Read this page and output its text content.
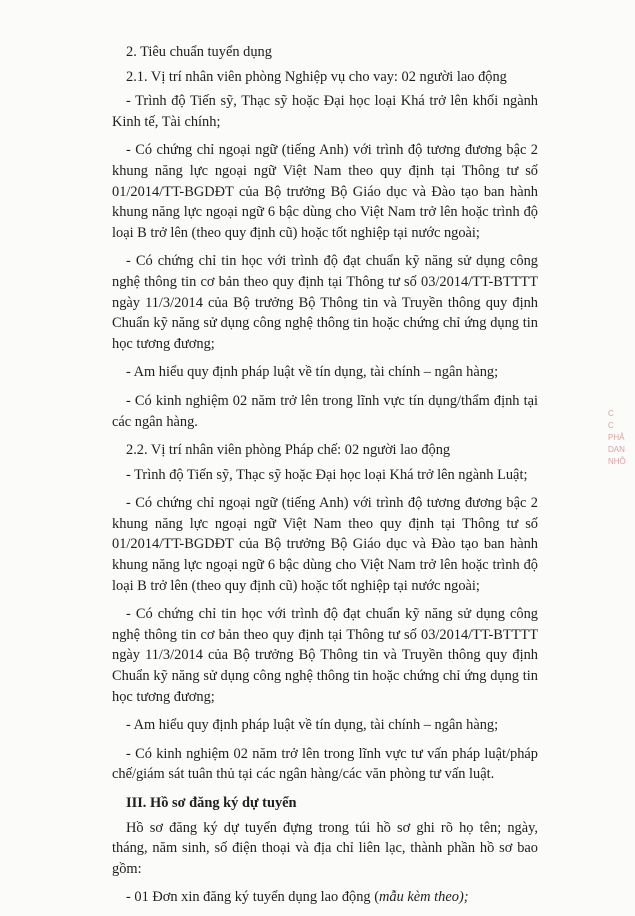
C
C
PHẢ
DAN
NHÕ

2. Tiêu chuẩn tuyển dụng

2.1. Vị trí nhân viên phòng Nghiệp vụ cho vay: 02 người lao động

- Trình độ Tiến sỹ, Thạc sỹ hoặc Đại học loại Khá trở lên khối ngành Kinh tế, Tài chính;

- Có chứng chỉ ngoại ngữ (tiếng Anh) với trình độ tương đương bậc 2 khung năng lực ngoại ngữ Việt Nam theo quy định tại Thông tư số 01/2014/TT-BGDĐT của Bộ trưởng Bộ Giáo dục và Đào tạo ban hành khung năng lực ngoại ngữ 6 bậc dùng cho Việt Nam trở lên hoặc trình độ loại B trở lên (theo quy định cũ) hoặc tốt nghiệp tại nước ngoài;

- Có chứng chỉ tin học với trình độ đạt chuẩn kỹ năng sử dụng công nghệ thông tin cơ bản theo quy định tại Thông tư số 03/2014/TT-BTTTT ngày 11/3/2014 của Bộ trưởng Bộ Thông tin và Truyền thông quy định Chuẩn kỹ năng sử dụng công nghệ thông tin hoặc chứng chỉ ứng dụng tin học tương đương;

- Am hiểu quy định pháp luật về tín dụng, tài chính – ngân hàng;

- Có kinh nghiệm 02 năm trở lên trong lĩnh vực tín dụng/thẩm định tại các ngân hàng.

2.2. Vị trí nhân viên phòng Pháp chế: 02 người lao động

- Trình độ Tiến sỹ, Thạc sỹ hoặc Đại học loại Khá trở lên ngành Luật;

- Có chứng chỉ ngoại ngữ (tiếng Anh) với trình độ tương đương bậc 2 khung năng lực ngoại ngữ Việt Nam theo quy định tại Thông tư số 01/2014/TT-BGDĐT của Bộ trưởng Bộ Giáo dục và Đào tạo ban hành khung năng lực ngoại ngữ 6 bậc dùng cho Việt Nam trở lên hoặc trình độ loại B trở lên (theo quy định cũ) hoặc tốt nghiệp tại nước ngoài;

- Có chứng chỉ tin học với trình độ đạt chuẩn kỹ năng sử dụng công nghệ thông tin cơ bản theo quy định tại Thông tư số 03/2014/TT-BTTTT ngày 11/3/2014 của Bộ trưởng Bộ Thông tin và Truyền thông quy định Chuẩn kỹ năng sử dụng công nghệ thông tin hoặc chứng chỉ ứng dụng tin học tương đương;

- Am hiểu quy định pháp luật về tín dụng, tài chính – ngân hàng;

- Có kinh nghiệm 02 năm trở lên trong lĩnh vực tư vấn pháp luật/pháp chế/giám sát tuân thủ tại các ngân hàng/các văn phòng tư vấn luật.

III. Hồ sơ đăng ký dự tuyển

Hồ sơ đăng ký dự tuyển đựng trong túi hồ sơ ghi rõ họ tên; ngày, tháng, năm sinh, số điện thoại và địa chỉ liên lạc, thành phần hồ sơ bao gồm:

- 01 Đơn xin đăng ký tuyển dụng lao động (mẫu kèm theo);
